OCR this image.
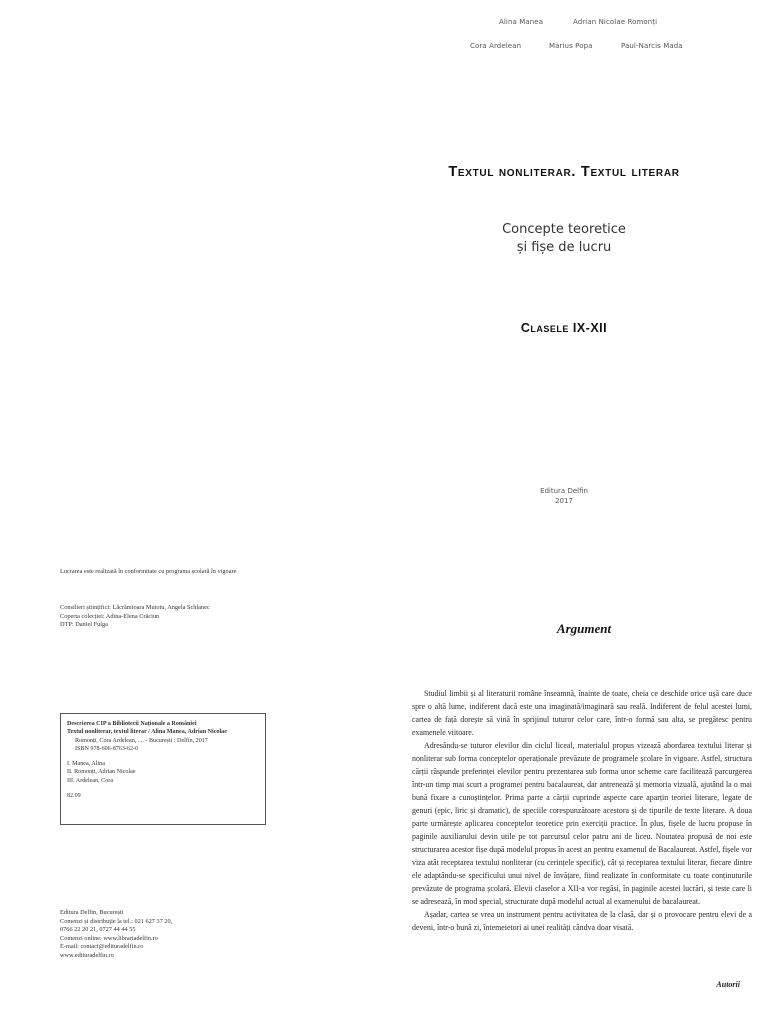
Alina Manea	Adrian Nicolae Romonți
Cora Ardelean	Marius Popa	Paul-Narcis Mada
Textul nonliterar. Textul literar
Concepte teoretice
și fișe de lucru
Clasele IX-XII
Editura Delfin
2017
Lucrarea este realizată în conformitate cu programa școlară în vigoare
Consilieri științifici: Lăcrămioara Mutoiu, Angela Schlanec
Coperta colecției: Adina-Elena Crăciun
DTP: Daniel Fulga
Descrierea CIP a Bibliotecii Naționale a României
Textul nonliterar, textul literar / Alina Manea, Adrian Nicolae
Romonți, Cora Ardelean, .... - București : Delfin, 2017
ISBN 978-606-8763-62-0
I. Manea, Alina
II. Romonți, Adrian Nicolae
III. Ardelean, Cora
82.09
Editura Delfin, București
Comenzi și distribuție la tel.: 021 627 37 20,
0766 22 20 21, 0727 44 44 55
Comenzi online: www.librariadelfin.ro
E-mail: contact@edituradelfin.ro
www.edituradelfin.ro
Argument

Studiul limbii și al literaturii române înseamnă, înainte de toate, cheia ce deschide orice ușă care duce spre o altă lume, indiferent dacă este una imaginată/imaginară sau reală. Indiferent de felul acestei lumi, cartea de față dorește să vină în sprijinul tuturor celor care, într-o formă sau alta, se pregătesc pentru examenele viitoare.

Adresându-se tuturor elevilor din ciclul liceal, materialul propus vizează abordarea textului literar și nonliterar sub forma conceptelor operaționale prevăzute de programele școlare în vigoare. Astfel, structura cărții răspunde preferinței elevilor pentru prezentarea sub forma unor scheme care facilitează parcurgerea într-un timp mai scurt a programei pentru bacalaureat, dar antrenează și memoria vizuală, ajutând la o mai bună fixare a cunoștințelor. Prima parte a cărții cuprinde aspecte care aparțin teoriei literare, legate de genuri (epic, liric și dramatic), de speciile corespunzătoare acestora și de tipurile de texte literare. A doua parte urmărește aplicarea conceptelor teoretice prin exerciții practice. În plus, fișele de lucru propuse în paginile auxiliarului devin utile pe tot parcursul celor patru ani de liceu. Noutatea propusă de noi este structurarea acestor fișe după modelul propus în acest an pentru examenul de Bacalaureat. Astfel, fișele vor viza atât receptarea textului nonliterar (cu cerințele specific), cât și receptarea textului literar, fiecare dintre ele adaptându-se specificului unui nivel de învățare, fiind realizate în conformitate cu toate conținuturile prevăzute de programa școlară. Elevii claselor a XII-a vor regăsi, în paginile acestei lucrări, și teste care li se adresează, în mod special, structurate după modelul actual al examenului de bacalaureat.

Așadar, cartea se vrea un instrument pentru activitatea de la clasă, dar și o provocare pentru elevi de a deveni, într-o bună zi, întemeietori ai unei realități cândva doar visată.

Autorii
